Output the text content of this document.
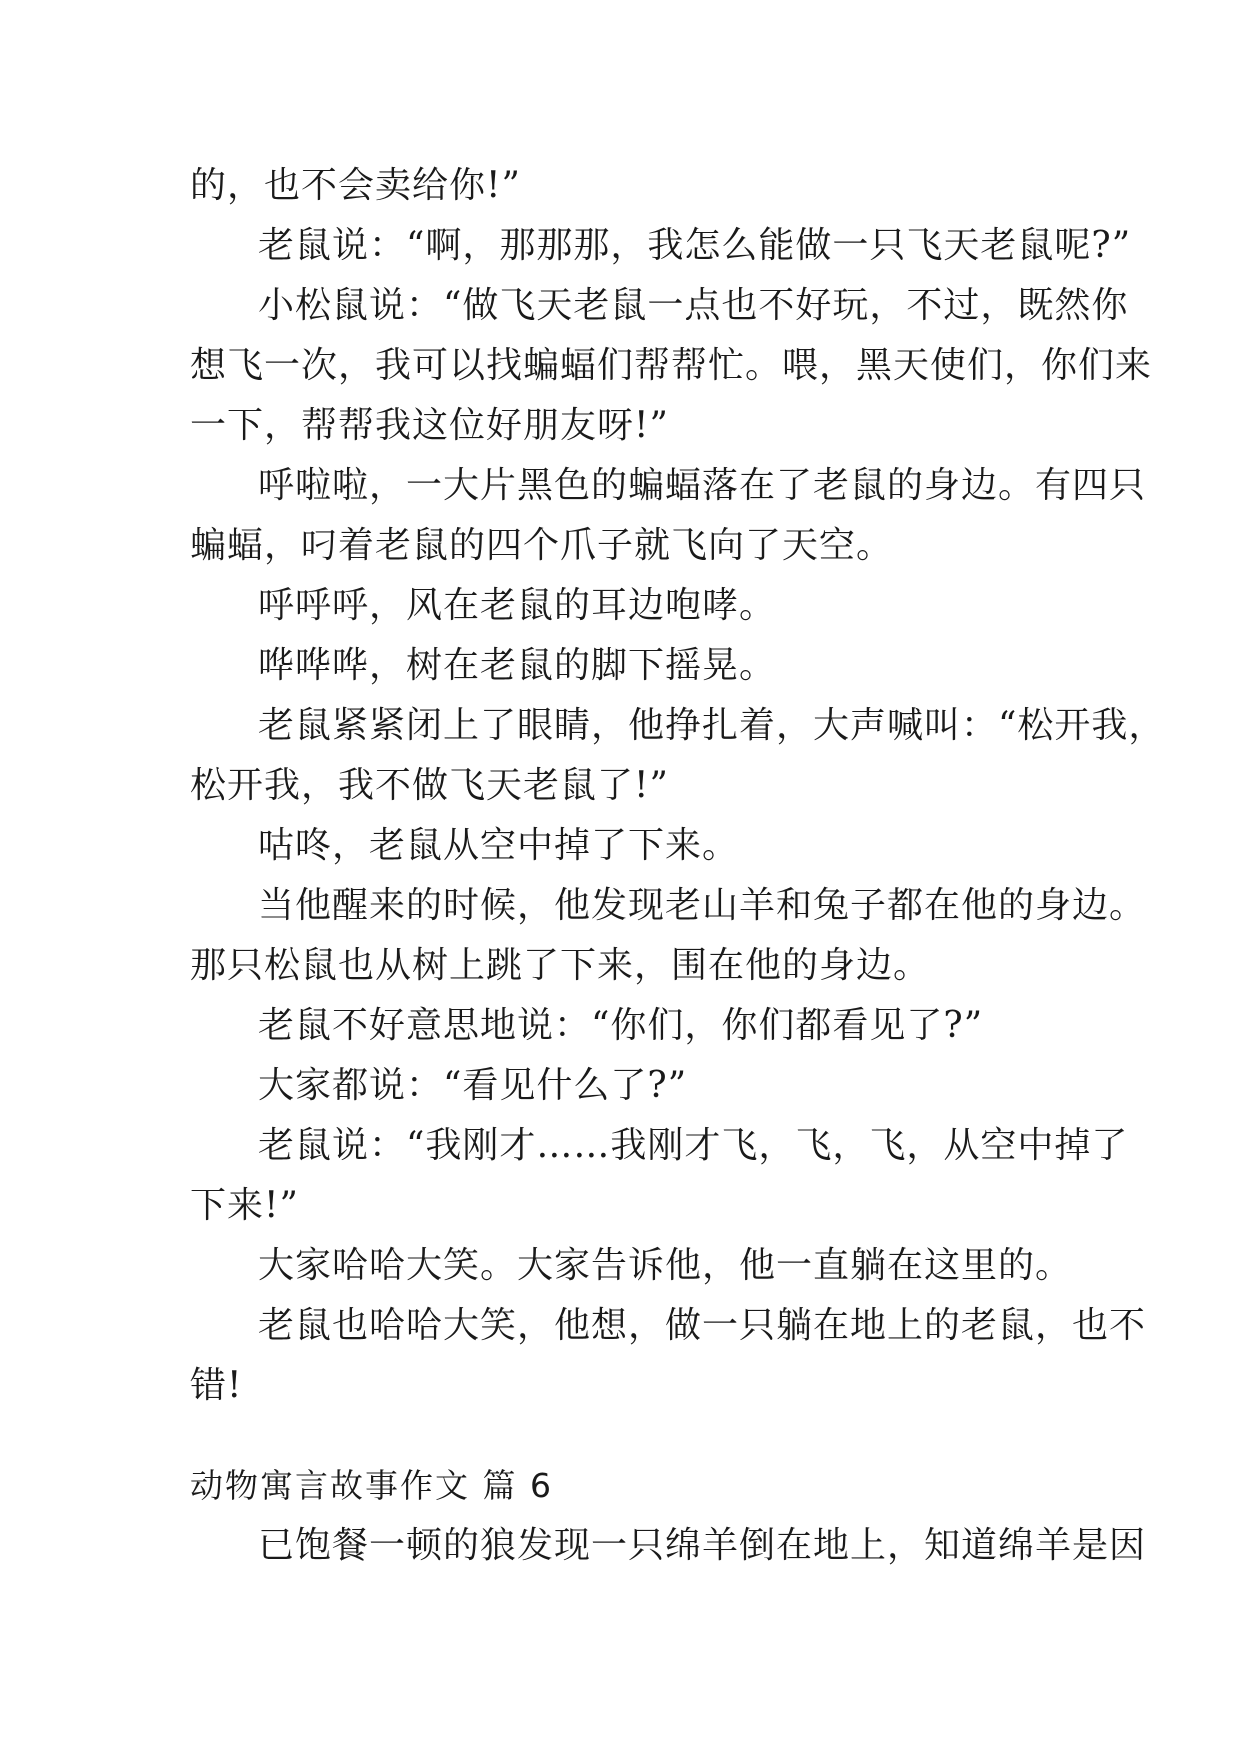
的，也不会卖给你!”
老鼠说：“啊，那那那，我怎么能做一只飞天老鼠呢?”
小松鼠说：“做飞天老鼠一点也不好玩，不过，既然你
想飞一次，我可以找蝙蝠们帮帮忙。喂，黑天使们，你们来
一下，帮帮我这位好朋友呀!”
呼啦啦，一大片黑色的蝙蝠落在了老鼠的身边。有四只
蝙蝠，叼着老鼠的四个爪子就飞向了天空。
呼呼呼，风在老鼠的耳边咆哮。
哗哗哗，树在老鼠的脚下摇晃。
老鼠紧紧闭上了眼睛，他挣扎着，大声喊叫：“松开我，
松开我，我不做飞天老鼠了!”
咕咚，老鼠从空中掉了下来。
当他醒来的时候，他发现老山羊和兔子都在他的身边。
那只松鼠也从树上跳了下来，围在他的身边。
老鼠不好意思地说：“你们，你们都看见了?”
大家都说：“看见什么了?”
老鼠说：“我刚才……我刚才飞，飞，飞，从空中掉了
下来!”
大家哈哈大笑。大家告诉他，他一直躺在这里的。
老鼠也哈哈大笑，他想，做一只躺在地上的老鼠，也不
错!
动物寓言故事作文 篇 6
已饱餐一顿的狼发现一只绵羊倒在地上，知道绵羊是因
